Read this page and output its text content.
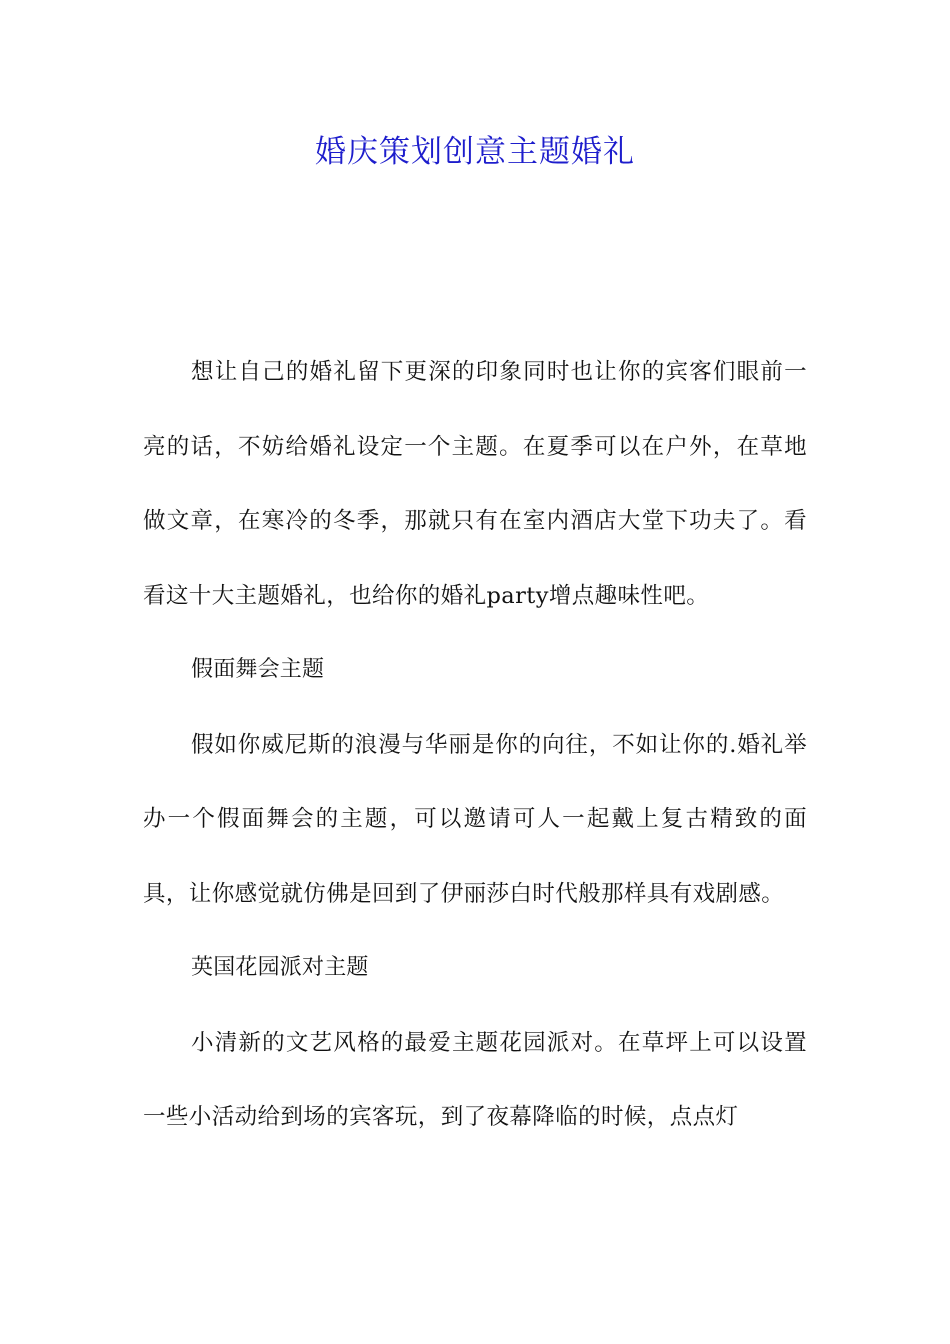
婚庆策划创意主题婚礼

想让自己的婚礼留下更深的印象同时也让你的宾客们眼前一亮的话，不妨给婚礼设定一个主题。在夏季可以在户外，在草地做文章，在寒冷的冬季，那就只有在室内酒店大堂下功夫了。看看这十大主题婚礼，也给你的婚礼party增点趣味性吧。

假面舞会主题

假如你威尼斯的浪漫与华丽是你的向往，不如让你的.婚礼举办一个假面舞会的主题，可以邀请可人一起戴上复古精致的面具，让你感觉就仿佛是回到了伊丽莎白时代般那样具有戏剧感。

英国花园派对主题

小清新的文艺风格的最爱主题花园派对。在草坪上可以设置一些小活动给到场的宾客玩，到了夜幕降临的时候，点点灯
